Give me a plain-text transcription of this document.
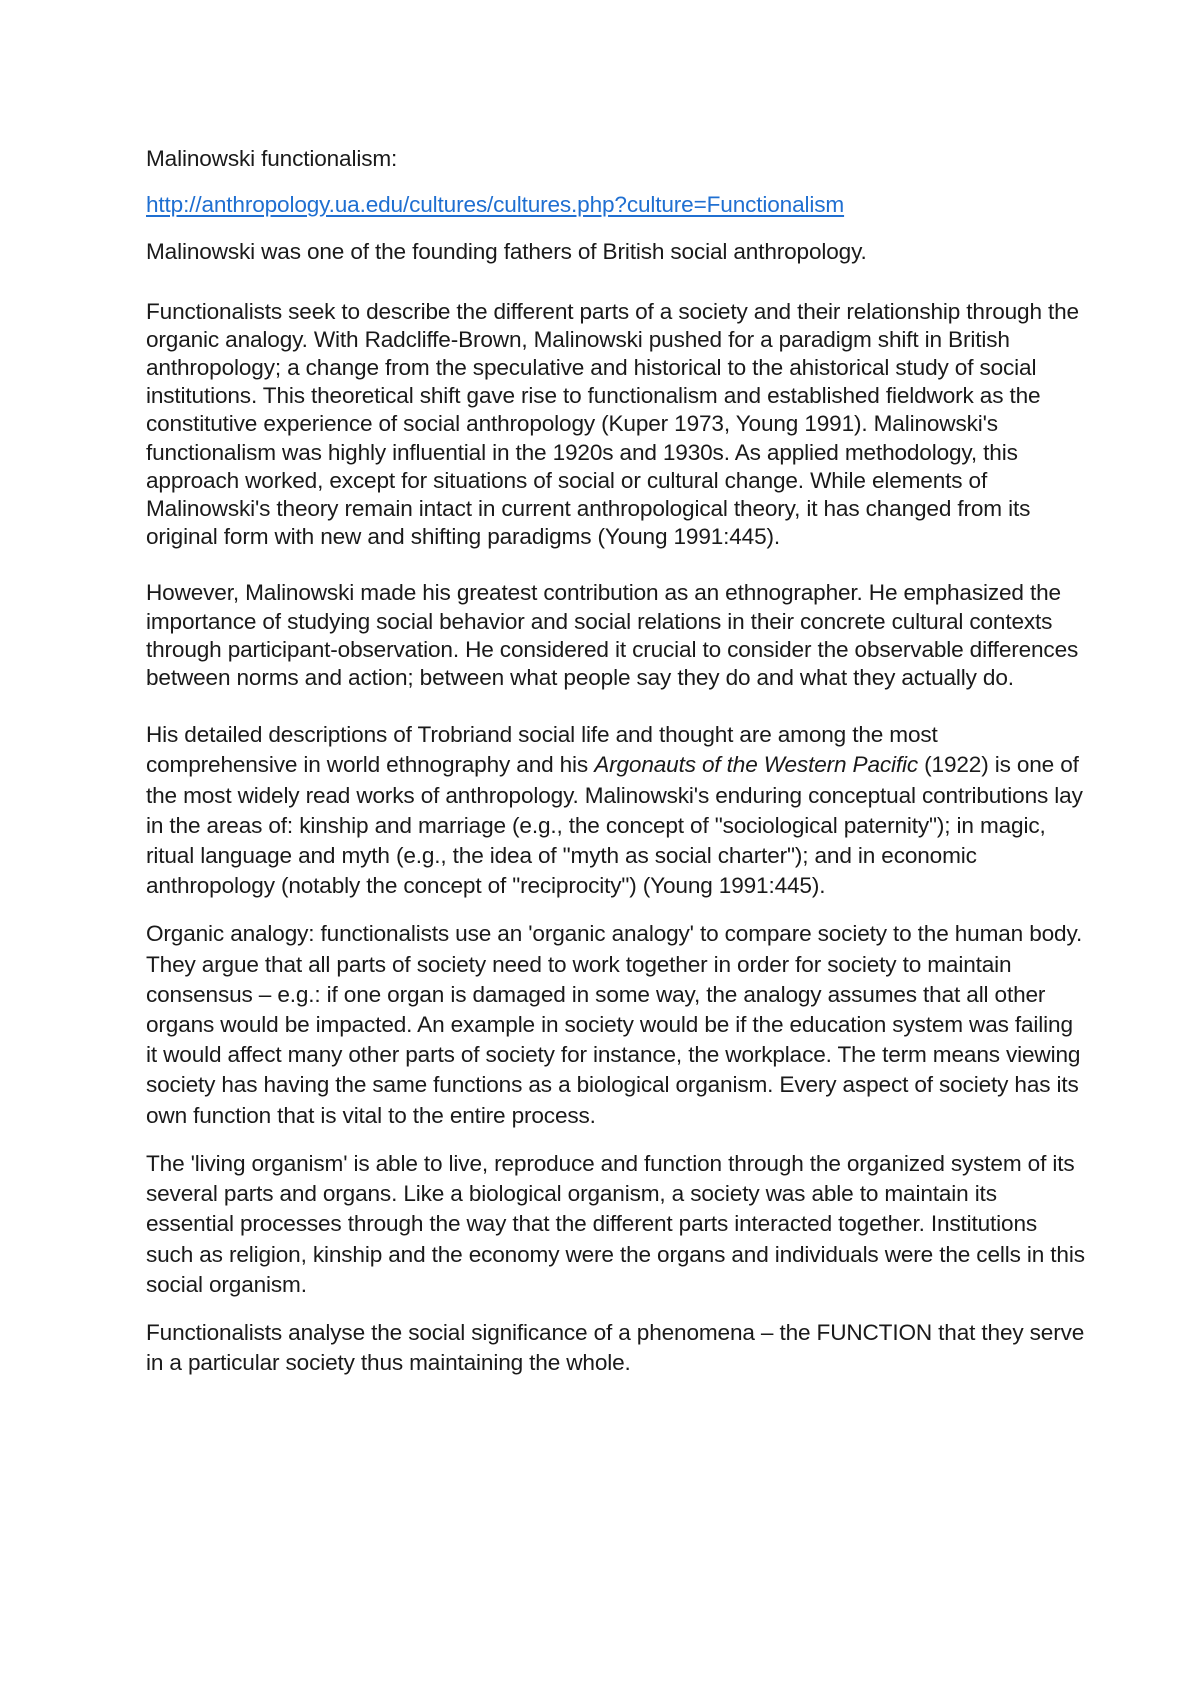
Malinowski functionalism:

http://anthropology.ua.edu/cultures/cultures.php?culture=Functionalism

Malinowski was one of the founding fathers of British social anthropology.

Functionalists seek to describe the different parts of a society and their relationship through the organic analogy. With Radcliffe-Brown, Malinowski pushed for a paradigm shift in British anthropology; a change from the speculative and historical to the ahistorical study of social institutions. This theoretical shift gave rise to functionalism and established fieldwork as the constitutive experience of social anthropology (Kuper 1973, Young 1991). Malinowski's functionalism was highly influential in the 1920s and 1930s. As applied methodology, this approach worked, except for situations of social or cultural change. While elements of Malinowski's theory remain intact in current anthropological theory, it has changed from its original form with new and shifting paradigms (Young 1991:445).

However, Malinowski made his greatest contribution as an ethnographer. He emphasized the importance of studying social behavior and social relations in their concrete cultural contexts through participant-observation. He considered it crucial to consider the observable differences between norms and action; between what people say they do and what they actually do.

His detailed descriptions of Trobriand social life and thought are among the most comprehensive in world ethnography and his Argonauts of the Western Pacific (1922) is one of the most widely read works of anthropology. Malinowski's enduring conceptual contributions lay in the areas of: kinship and marriage (e.g., the concept of "sociological paternity"); in magic, ritual language and myth (e.g., the idea of "myth as social charter"); and in economic anthropology (notably the concept of "reciprocity") (Young 1991:445).

Organic analogy: functionalists use an 'organic analogy' to compare society to the human body. They argue that all parts of society need to work together in order for society to maintain consensus – e.g.: if one organ is damaged in some way, the analogy assumes that all other organs would be impacted. An example in society would be if the education system was failing it would affect many other parts of society for instance, the workplace. The term means viewing society has having the same functions as a biological organism. Every aspect of society has its own function that is vital to the entire process.

The 'living organism' is able to live, reproduce and function through the organized system of its several parts and organs. Like a biological organism, a society was able to maintain its essential processes through the way that the different parts interacted together. Institutions such as religion, kinship and the economy were the organs and individuals were the cells in this social organism.

Functionalists analyse the social significance of a phenomena – the FUNCTION that they serve in a particular society thus maintaining the whole.
